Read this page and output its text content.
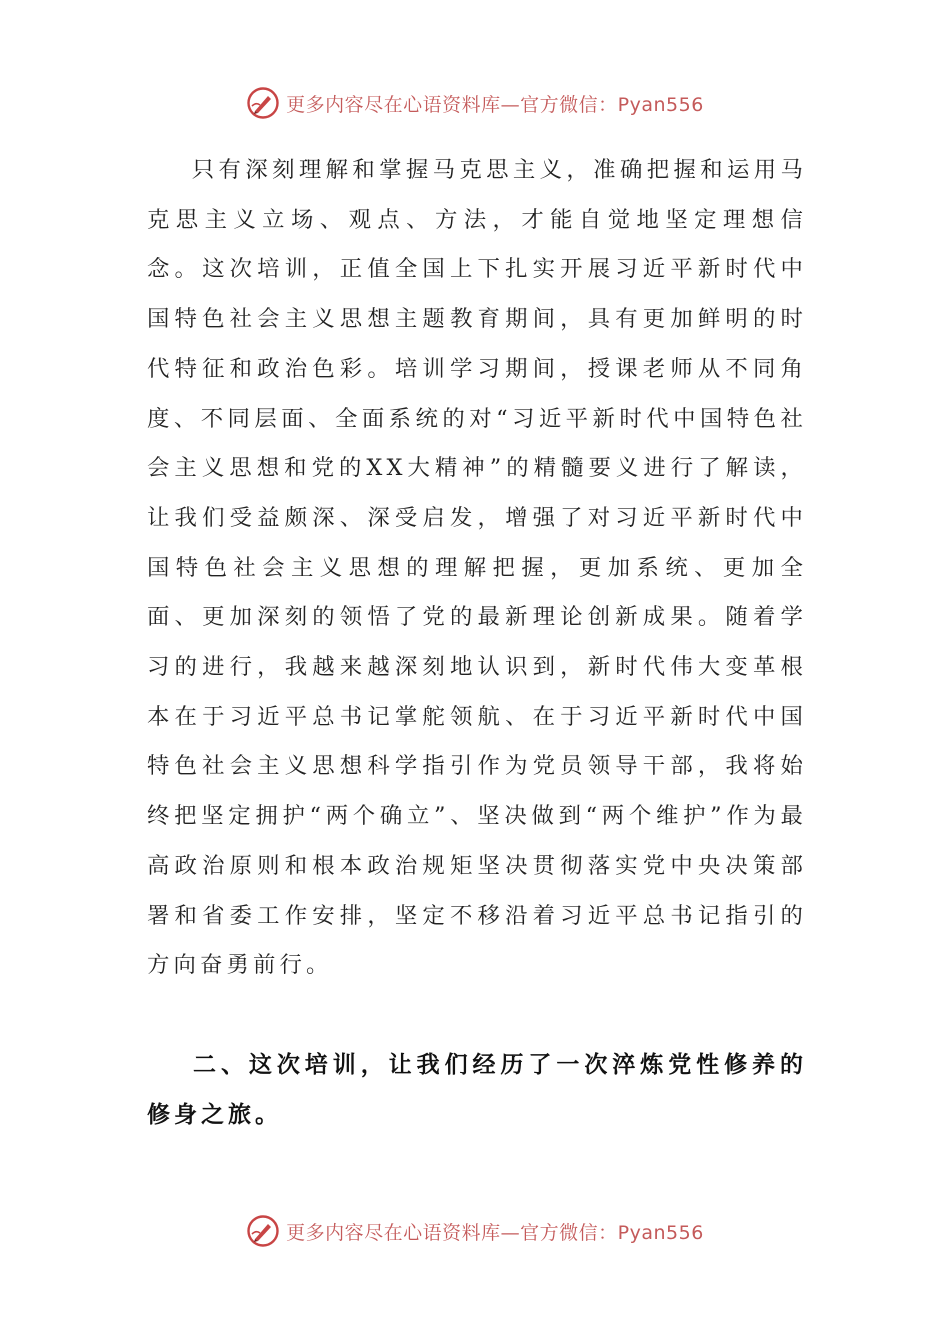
更多内容尽在心语资料库—官方微信：Pyan556

只有深刻理解和掌握马克思主义，准确把握和运用马克思主义立场、观点、方法，才能自觉地坚定理想信念。这次培训，正值全国上下扎实开展习近平新时代中国特色社会主义思想主题教育期间，具有更加鲜明的时代特征和政治色彩。培训学习期间，授课老师从不同角度、不同层面、全面系统的对“习近平新时代中国特色社会主义思想和党的XX大精神”的精髓要义进行了解读，让我们受益颇深、深受启发，增强了对习近平新时代中国特色社会主义思想的理解把握，更加系统、更加全面、更加深刻的领悟了党的最新理论创新成果。随着学习的进行，我越来越深刻地认识到，新时代伟大变革根本在于习近平总书记掌舵领航、在于习近平新时代中国特色社会主义思想科学指引作为党员领导干部，我将始终把坚定拥护“两个确立”、坚决做到“两个维护”作为最高政治原则和根本政治规矩坚决贯彻落实党中央决策部署和省委工作安排，坚定不移沿着习近平总书记指引的方向奋勇前行。

二、这次培训，让我们经历了一次淬炼党性修养的修身之旅。

更多内容尽在心语资料库—官方微信：Pyan556
